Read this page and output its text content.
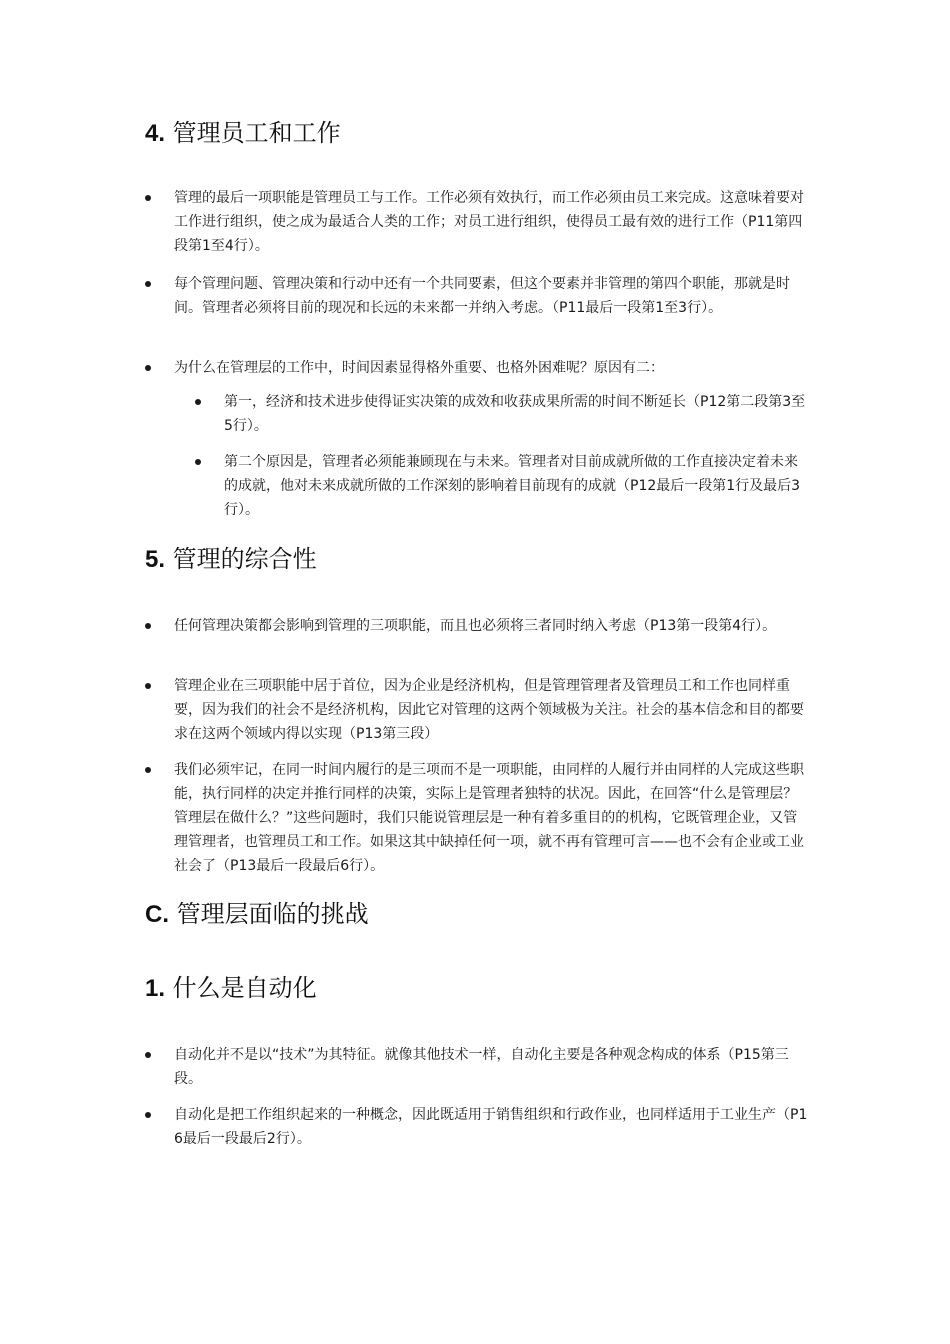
4. 管理员工和工作
管理的最后一项职能是管理员工与工作。工作必须有效执行，而工作必须由员工来完成。这意味着要对工作进行组织，使之成为最适合人类的工作；对员工进行组织，使得员工最有效的进行工作（P11第四段第1至4行）。
每个管理问题、管理决策和行动中还有一个共同要素，但这个要素并非管理的第四个职能，那就是时间。管理者必须将目前的现况和长远的未来都一并纳入考虑。（P11最后一段第1至3行）。
为什么在管理层的工作中，时间因素显得格外重要、也格外困难呢？原因有二：
第一，经济和技术进步使得证实决策的成效和收获成果所需的时间不断延长（P12第二段第3至5行）。
第二个原因是，管理者必须能兼顾现在与未来。管理者对目前成就所做的工作直接决定着未来的成就，他对未来成就所做的工作深刻的影响着目前现有的成就（P12最后一段第1行及最后3行）。
5. 管理的综合性
任何管理决策都会影响到管理的三项职能，而且也必须将三者同时纳入考虑（P13第一段第4行）。
管理企业在三项职能中居于首位，因为企业是经济机构，但是管理管理者及管理员工和工作也同样重要，因为我们的社会不是经济机构，因此它对管理的这两个领域极为关注。社会的基本信念和目的都要求在这两个领域内得以实现（P13第三段）
我们必须牢记，在同一时间内履行的是三项而不是一项职能，由同样的人履行并由同样的人完成这些职能，执行同样的决定并推行同样的决策，实际上是管理者独特的状况。因此，在回答“什么是管理层？管理层在做什么？”这些问题时，我们只能说管理层是一种有着多重目的的机构，它既管理企业，又管理管理者，也管理员工和工作。如果这其中缺掉任何一项，就不再有管理可言——也不会有企业或工业社会了（P13最后一段最后6行）。
C. 管理层面临的挑战
1. 什么是自动化
自动化并不是以“技术”为其特征。就像其他技术一样，自动化主要是各种观念构成的体系（P15第三段。
自动化是把工作组织起来的一种概念，因此既适用于销售组织和行政作业，也同样适用于工业生产（P16最后一段最后2行）。
